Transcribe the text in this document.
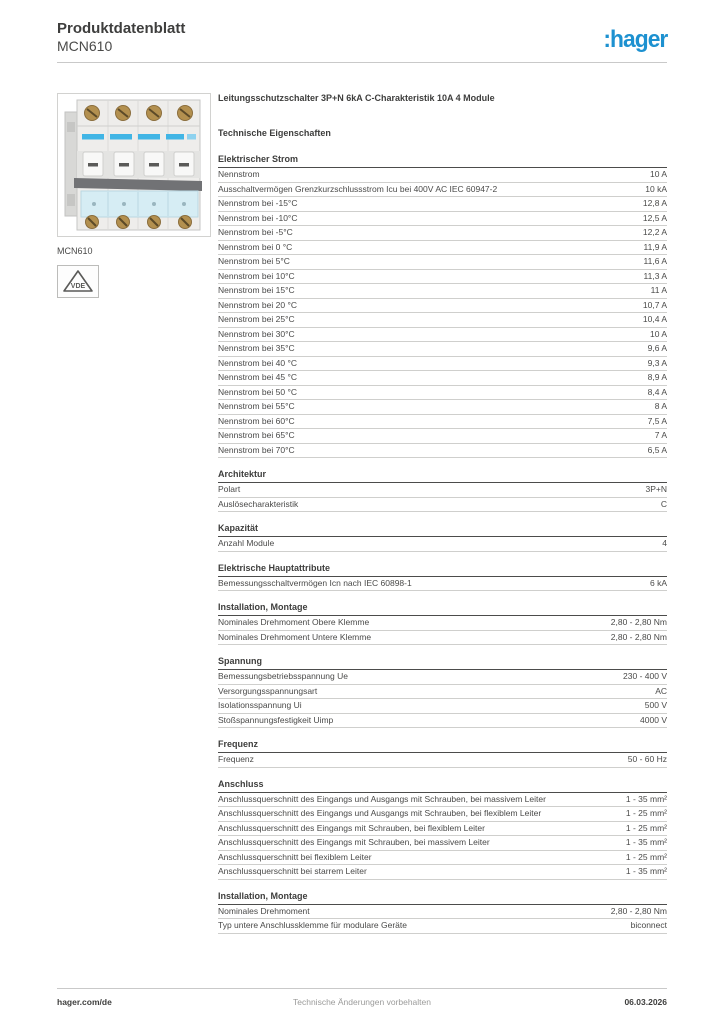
Produktdatenblatt
MCN610	:hager
MCN610
VDE
Leitungsschutzschalter 3P+N 6kA C-Charakteristik 10A 4 Module
Technische Eigenschaften
Elektrischer Strom
Nennstrom	10 A
Ausschaltvermögen Grenzkurzschlussstrom Icu bei 400V AC IEC 60947-2	10 kA
Nennstrom bei -15°C	12,8 A
Nennstrom bei -10°C	12,5 A
Nennstrom bei -5°C	12,2 A
Nennstrom bei 0 °C	11,9 A
Nennstrom bei 5°C	11,6 A
Nennstrom bei 10°C	11,3 A
Nennstrom bei 15°C	11 A
Nennstrom bei 20 °C	10,7 A
Nennstrom bei 25°C	10,4 A
Nennstrom bei 30°C	10 A
Nennstrom bei 35°C	9,6 A
Nennstrom bei 40 °C	9,3 A
Nennstrom bei 45 °C	8,9 A
Nennstrom bei 50 °C	8,4 A
Nennstrom bei 55°C	8 A
Nennstrom bei 60°C	7,5 A
Nennstrom bei 65°C	7 A
Nennstrom bei 70°C	6,5 A
Architektur
Polart	3P+N
Auslösecharakteristik	C
Kapazität
Anzahl Module	4
Elektrische Hauptattribute
Bemessungsschaltvermögen Icn nach IEC 60898-1	6 kA
Installation, Montage
Nominales Drehmoment Obere Klemme	2,80 - 2,80 Nm
Nominales Drehmoment Untere Klemme	2,80 - 2,80 Nm
Spannung
Bemessungsbetriebsspannung Ue	230 - 400 V
Versorgungsspannungsart	AC
Isolationsspannung Ui	500 V
Stoßspannungsfestigkeit Uimp	4000 V
Frequenz
Frequenz	50 - 60 Hz
Anschluss
Anschlussquerschnitt des Eingangs und Ausgangs mit Schrauben, bei massivem Leiter	1 - 35 mm²
Anschlussquerschnitt des Eingangs und Ausgangs mit Schrauben, bei flexiblem Leiter	1 - 25 mm²
Anschlussquerschnitt des Eingangs mit Schrauben, bei flexiblem Leiter	1 - 25 mm²
Anschlussquerschnitt des Eingangs mit Schrauben, bei massivem Leiter	1 - 35 mm²
Anschlussquerschnitt bei flexiblem Leiter	1 - 25 mm²
Anschlussquerschnitt bei starrem Leiter	1 - 35 mm²
Installation, Montage
Nominales Drehmoment	2,80 - 2,80 Nm
Typ untere Anschlussklemme für modulare Geräte	biconnect
hager.com/de	Technische Änderungen vorbehalten	06.03.2026
